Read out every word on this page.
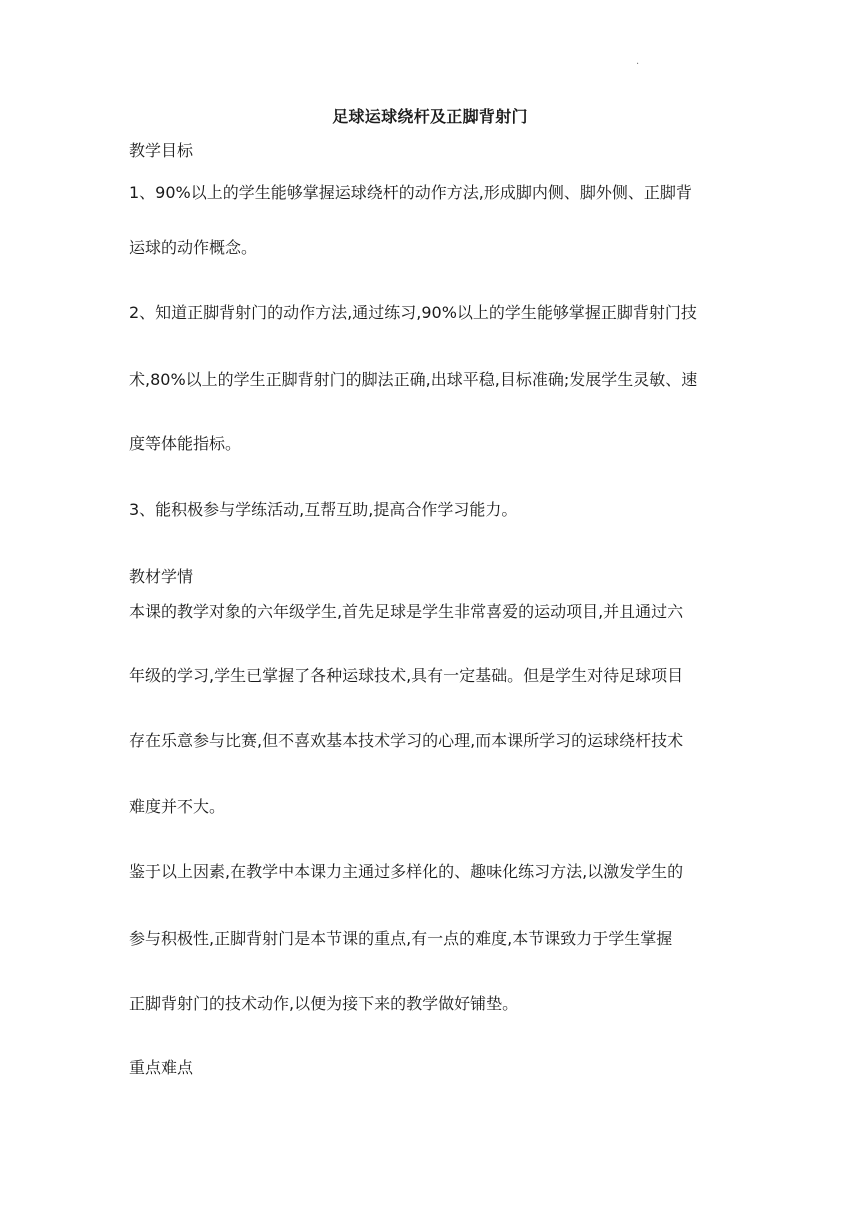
.
足球运球绕杆及正脚背射门
教学目标
1、90%以上的学生能够掌握运球绕杆的动作方法,形成脚内侧、脚外侧、正脚背
运球的动作概念。
2、知道正脚背射门的动作方法,通过练习,90%以上的学生能够掌握正脚背射门技
术,80%以上的学生正脚背射门的脚法正确,出球平稳,目标准确;发展学生灵敏、速
度等体能指标。
3、能积极参与学练活动,互帮互助,提高合作学习能力。
教材学情
本课的教学对象的六年级学生,首先足球是学生非常喜爱的运动项目,并且通过六
年级的学习,学生已掌握了各种运球技术,具有一定基础。但是学生对待足球项目
存在乐意参与比赛,但不喜欢基本技术学习的心理,而本课所学习的运球绕杆技术
难度并不大。
鉴于以上因素,在教学中本课力主通过多样化的、趣味化练习方法,以激发学生的
参与积极性,正脚背射门是本节课的重点,有一点的难度,本节课致力于学生掌握
正脚背射门的技术动作,以便为接下来的教学做好铺垫。
重点难点
